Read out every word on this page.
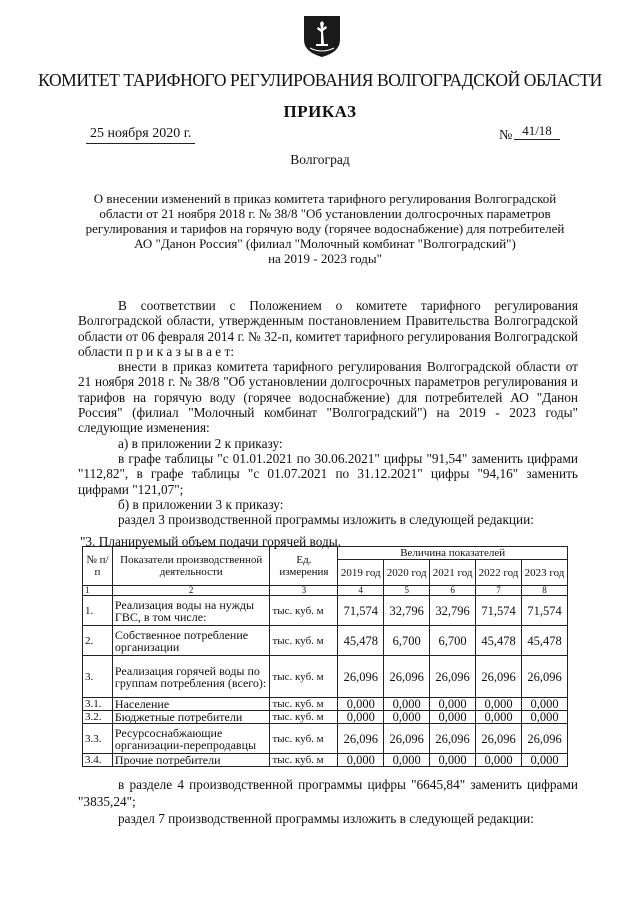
КОМИТЕТ ТАРИФНОГО РЕГУЛИРОВАНИЯ ВОЛГОГРАДСКОЙ ОБЛАСТИ
ПРИКАЗ
25 ноября 2020 г.	№ 41/18
Волгоград
О внесении изменений в приказ комитета тарифного регулирования Волгоградской
области от 21 ноября 2018 г. № 38/8 "Об установлении долгосрочных параметров
регулирования и тарифов на горячую воду (горячее водоснабжение) для потребителей
АО "Данон Россия" (филиал "Молочный комбинат "Волгоградский")
на 2019 - 2023 годы"

В соответствии с Положением о комитете тарифного регулирования Волгоградской области, утвержденным постановлением Правительства Волгоградской области от 06 февраля 2014 г. № 32-п, комитет тарифного регулирования Волгоградской области п р и к а з ы в а е т:

внести в приказ комитета тарифного регулирования Волгоградской области от 21 ноября 2018 г. № 38/8 "Об установлении долгосрочных параметров регулирования и тарифов на горячую воду (горячее водоснабжение) для потребителей АО "Данон Россия" (филиал "Молочный комбинат "Волгоградский") на 2019 - 2023 годы" следующие изменения:

а) в приложении 2 к приказу:

в графе таблицы "с 01.01.2021 по 30.06.2021" цифры "91,54" заменить цифрами "112,82", в графе таблицы "с 01.07.2021 по 31.12.2021" цифры "94,16" заменить цифрами "121,07";

б) в приложении 3 к приказу:

раздел 3 производственной программы изложить в следующей редакции:

"3. Планируемый объем подачи горячей воды.
№ п/п	Показатели производственной деятельности	Ед. измерения	Величина показателей				
			2019 год	2020 год	2021 год	2022 год	2023 год
1	2	3	4	5	6	7	8
1.	Реализация воды на нужды ГВС, в том числе:	тыс. куб. м	71,574	32,796	32,796	71,574	71,574
2.	Собственное потребление организации	тыс. куб. м	45,478	6,700	6,700	45,478	45,478
3.	Реализация горячей воды по группам потребления (всего):	тыс. куб. м	26,096	26,096	26,096	26,096	26,096
3.1.	Население	тыс. куб. м	0,000	0,000	0,000	0,000	0,000
3.2.	Бюджетные потребители	тыс. куб. м	0,000	0,000	0,000	0,000	0,000
3.3.	Ресурсоснабжающие организации-перепродавцы	тыс. куб. м	26,096	26,096	26,096	26,096	26,096
3.4.	Прочие потребители	тыс. куб. м	0,000	0,000	0,000	0,000	0,000

в разделе 4 производственной программы цифры "6645,84" заменить цифрами "3835,24";

раздел 7 производственной программы изложить в следующей редакции:
